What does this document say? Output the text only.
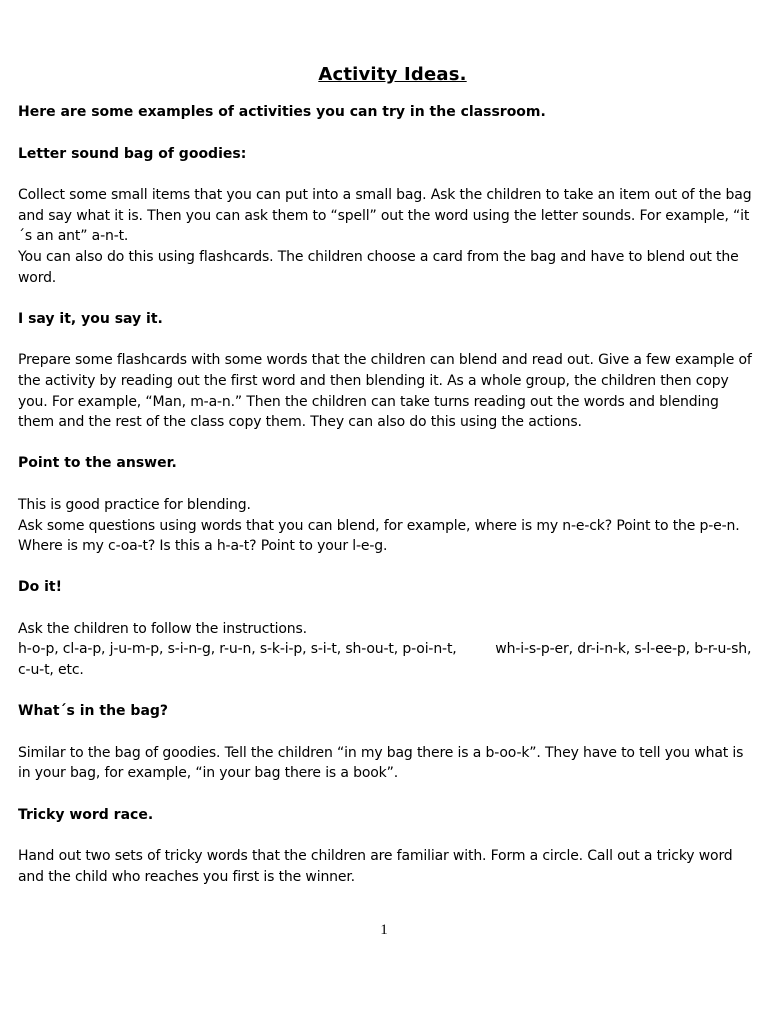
Activity Ideas.

Here are some examples of activities you can try in the classroom.

Letter sound bag of goodies:

Collect some small items that you can put into a small bag. Ask the children to take an item out of the bag and say what it is. Then you can ask them to “spell” out the word using the letter sounds. For example, “it´s an ant” a-n-t.

You can also do this using flashcards. The children choose a card from the bag and have to blend out the word.

I say it, you say it.

Prepare some flashcards with some words that the children can blend and read out. Give a few example of the activity by reading out the first word and then blending it. As a whole group, the children then copy you. For example, “Man, m-a-n.” Then the children can take turns reading out the words and blending them and the rest of the class copy them. They can also do this using the actions.

Point to the answer.

This is good practice for blending.

Ask some questions using words that you can blend, for example, where is my n-e-ck? Point to the p-e-n. Where is my c-oa-t? Is this a h-a-t? Point to your l-e-g.

Do it!

Ask the children to follow the instructions.

h-o-p, cl-a-p, j-u-m-p, s-i-n-g, r-u-n, s-k-i-p, s-i-t, sh-ou-t, p-oi-n-t,         wh-i-s-p-er, dr-i-n-k, s-l-ee-p, b-r-u-sh, c-u-t, etc.

What´s in the bag?

Similar to the bag of goodies. Tell the children “in my bag there is a b-oo-k”. They have to tell you what is in your bag, for example, “in your bag there is a book”.

Tricky word race.

Hand out two sets of tricky words that the children are familiar with. Form a circle. Call out a tricky word and the child who reaches you first is the winner.

1
